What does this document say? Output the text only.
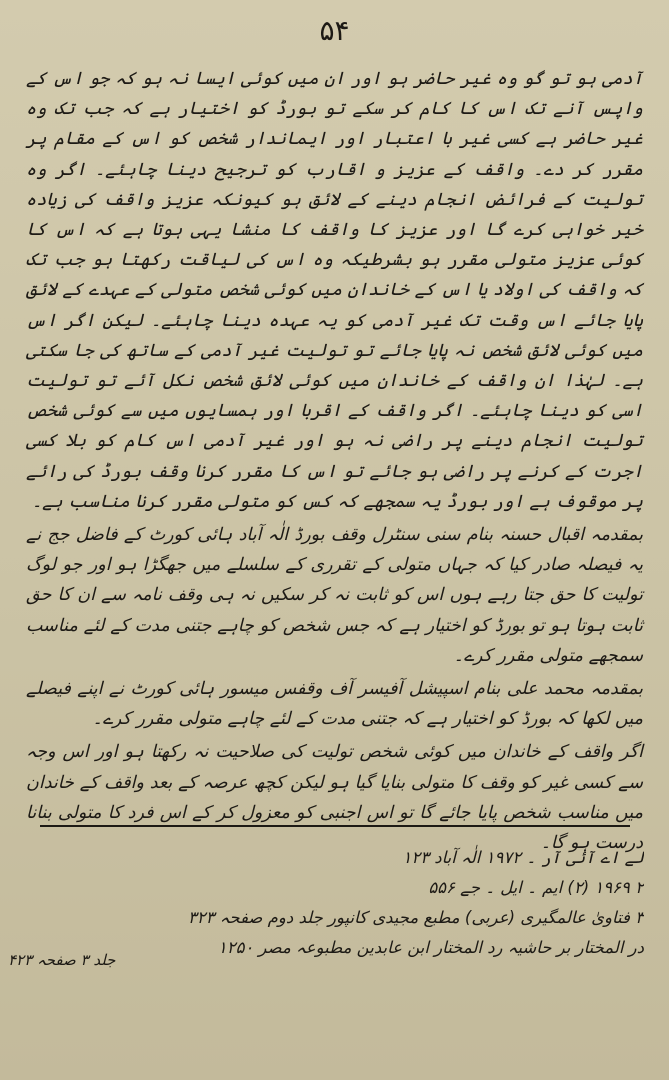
۵۴

آدمی ہو تو گو وہ غیر حاضر ہو اور ان میں کوئی ایسا نہ ہو کہ جو اس کے واپس آنے تک اس کا کام کر سکے تو بورڈ کو اختیار ہے کہ جب تک وہ غیر حاضر ہے کسی غیر با اعتبار اور ایماندار شخص کو اس کے مقام پر مقرر کر دے۔ واقف کے عزیز و اقارب کو ترجیح دینا چاہئے۔ اگر وہ تولیت کے فرائض انجام دینے کے لائق ہو کیونکہ عزیز واقف کی زیادہ خیر خواہی کرے گا اور عزیز کا واقف کا منشا یہی ہوتا ہے کہ اس کا کوئی عزیز متولی مقرر ہو بشرطیکہ وہ اس کی لیاقت رکھتا ہو جب تک کہ واقف کی اولاد یا اس کے خاندان میں کوئی شخص متولی کے عہدے کے لائق پایا جائے اس وقت تک غیر آدمی کو یہ عہدہ دینا چاہئے۔ لیکن اگر اس میں کوئی لائق شخص نہ پایا جائے تو تولیت غیر آدمی کے ساتھ کی جا سکتی ہے۔ لہٰذا ان واقف کے خاندان میں کوئی لائق شخص نکل آئے تو تولیت اسی کو دینا چاہئے۔ اگر واقف کے اقربا اور ہمسایوں میں سے کوئی شخص تولیت انجام دینے پر راضی نہ ہو اور غیر آدمی اس کام کو بلا کسی اجرت کے کرنے پر راضی ہو جائے تو اس کا مقرر کرنا وقف بورڈ کی رائے پر موقوف ہے اور بورڈ یہ سمجھے کہ کس کو متولی مقرر کرنا مناسب ہے۔

بمقدمہ اقبال حسنہ بنام سنی سنٹرل وقف بورڈ الٰہ آباد ہائی کورٹ کے فاضل جج نے یہ فیصلہ صادر کیا کہ جہاں متولی کے تقرری کے سلسلے میں جھگڑا ہو اور جو لوگ تولیت کا حق جتا رہے ہوں اس کو ثابت نہ کر سکیں نہ ہی وقف نامہ سے ان کا حق ثابت ہوتا ہو تو بورڈ کو اختیار ہے کہ جس شخص کو چاہے جتنی مدت کے لئے مناسب سمجھے متولی مقرر کرے۔

بمقدمہ محمد علی بنام اسپیشل آفیسر آف وقفس میسور ہائی کورٹ نے اپنے فیصلے میں لکھا کہ بورڈ کو اختیار ہے کہ جتنی مدت کے لئے چاہے متولی مقرر کرے۔

اگر واقف کے خاندان میں کوئی شخص تولیت کی صلاحیت نہ رکھتا ہو اور اس وجہ سے کسی غیر کو وقف کا متولی بنایا گیا ہو لیکن کچھ عرصہ کے بعد واقف کے خاندان میں مناسب شخص پایا جائے گا تو اس اجنبی کو معزول کر کے اس فرد کا متولی بنانا درست ہو گا۔

لے اے آئی آر ۔ ۱۹۷۲ الٰہ آباد ۱۲۳

۲ ۱۹۶۹ (۲) ایم ۔ ایل ۔ جے ۵۵۶

۳ فتاویٰ عالمگیری (عربی) مطبع مجیدی کانپور جلد دوم صفحہ ۳۲۳

در المختار بر حاشیہ رد المختار ابن عابدین مطبوعہ مصر ۱۲۵۰

جلد ۳ صفحہ ۴۲۳
